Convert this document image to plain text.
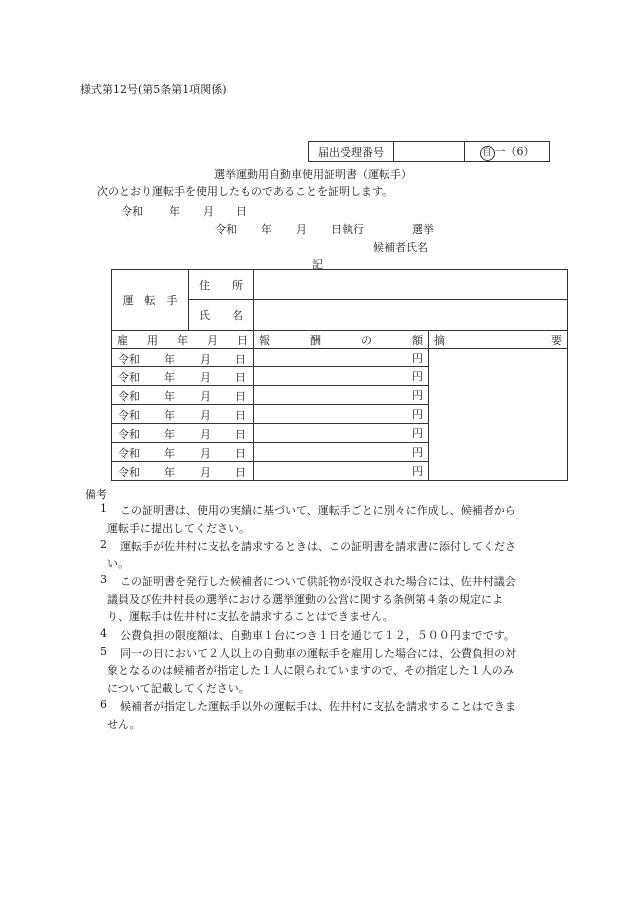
様式第12号(第5条第1項関係)
届出受理番号		自 一（6）
選挙運動用自動車使用証明書（運転手）
次のとおり運転手を使用したものであることを証明します。
令和 年 月 日
令和 年 月 日執行	選挙
候補者氏名
記
運　転　手	住　　所		
	氏　　名		

雇 用 年 月 日		報 酬 の 額	摘 要

令和 年 月 日		円	

令和 年 月 日		円	

令和 年 月 日		円	

令和 年 月 日		円	

令和 年 月 日		円	

令和 年 月 日		円	

令和 年 月 日		円	
備考
1 この証明書は、使用の実績に基づいて、運転手ごとに別々に作成し、候補者から
運転手に提出してください。
2 運転手が佐井村に支払を請求するときは、この証明書を請求書に添付してくださ
い。
3 この証明書を発行した候補者について供託物が没収された場合には、佐井村議会
議員及び佐井村長の選挙における選挙運動の公営に関する条例第４条の規定によ
り、運転手は佐井村に支払を請求することはできません。
4 公費負担の限度額は、自動車１台につき１日を通じて１２，５００円までです。
5 同一の日において２人以上の自動車の運転手を雇用した場合には、公費負担の対
象となるのは候補者が指定した１人に限られていますので、その指定した１人のみ
について記載してください。
6 候補者が指定した運転手以外の運転手は、佐井村に支払を請求することはできま
せん。
